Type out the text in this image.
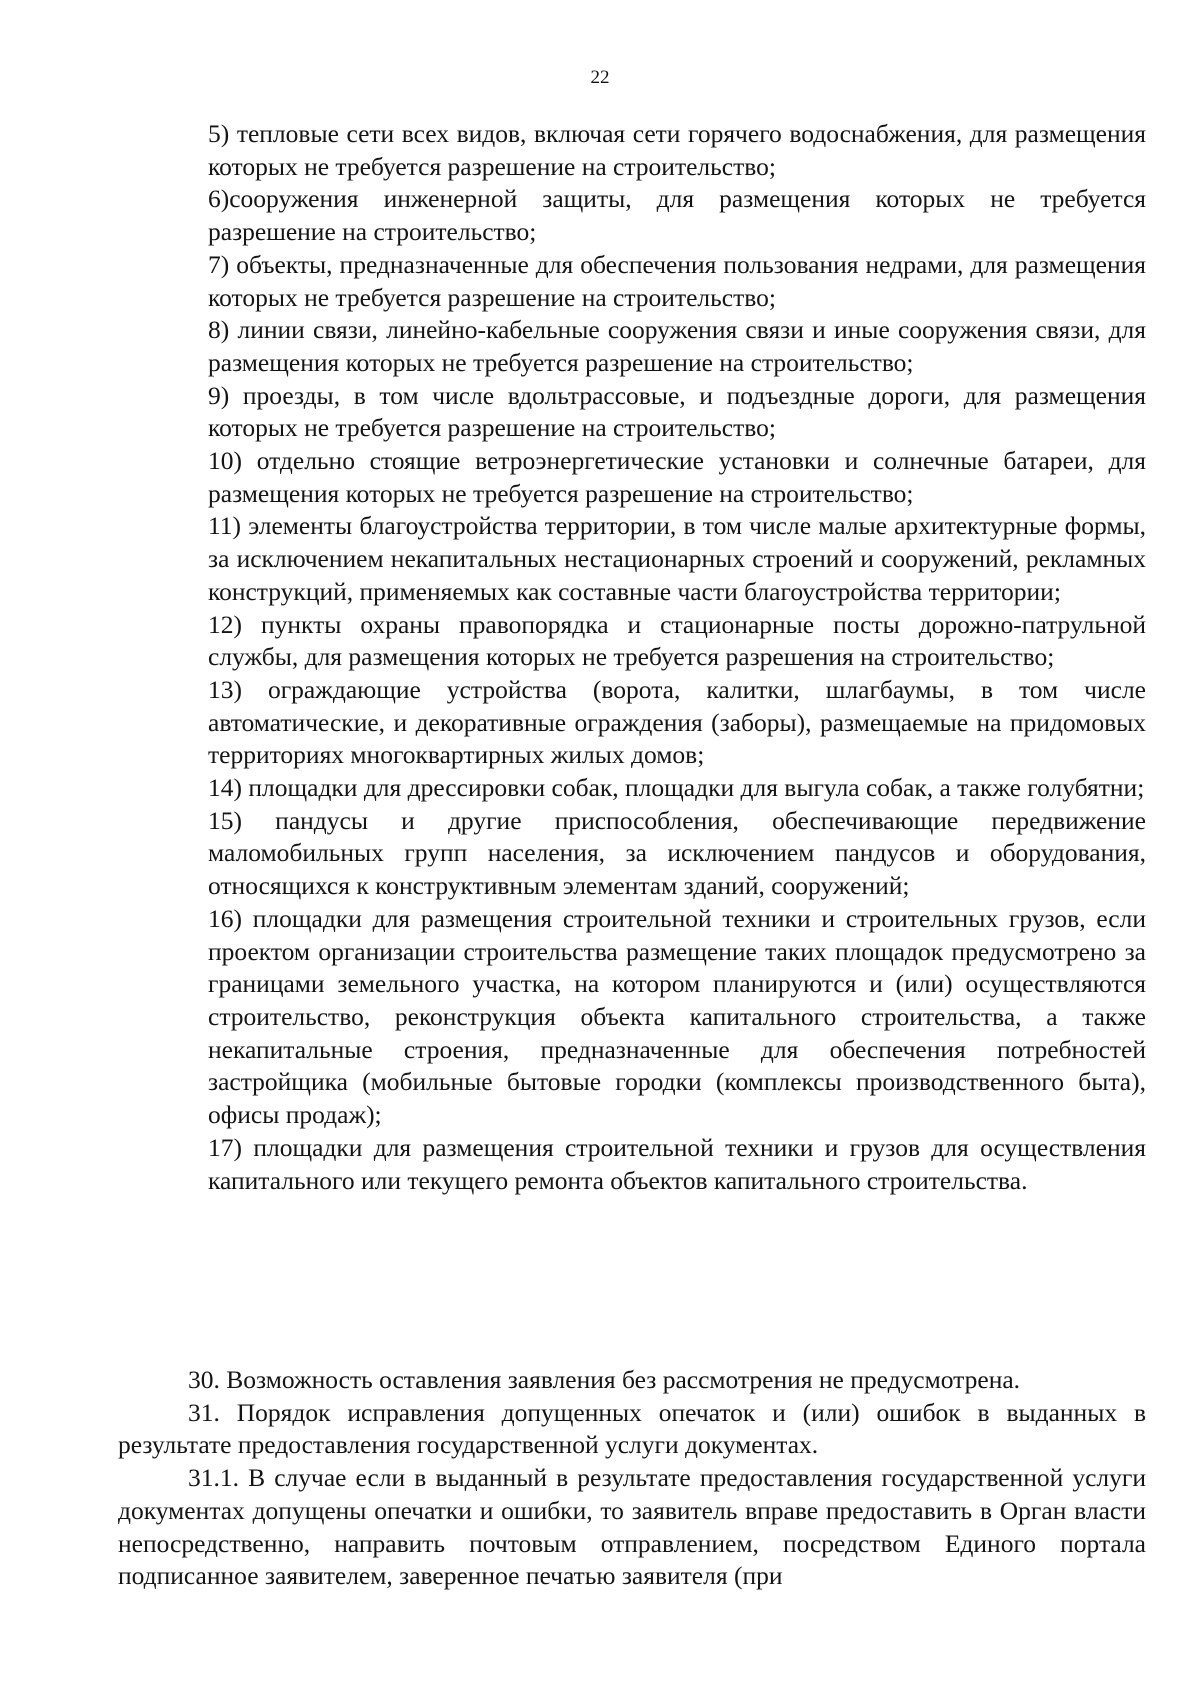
22

5) тепловые сети всех видов, включая сети горячего водоснабжения, для размещения которых не требуется разрешение на строительство;

6)сооружения инженерной защиты, для размещения которых не требуется разрешение на строительство;

7) объекты, предназначенные для обеспечения пользования недрами, для размещения которых не требуется разрешение на строительство;

8) линии связи, линейно-кабельные сооружения связи и иные сооружения связи, для размещения которых не требуется разрешение на строительство;

9) проезды, в том числе вдольтрассовые, и подъездные дороги, для размещения которых не требуется разрешение на строительство;

10) отдельно стоящие ветроэнергетические установки и солнечные батареи, для размещения которых не требуется разрешение на строительство;

11) элементы благоустройства территории, в том числе малые архитектурные формы, за исключением некапитальных нестационарных строений и сооружений, рекламных конструкций, применяемых как составные части благоустройства территории;

12) пункты охраны правопорядка и стационарные посты дорожно-патрульной службы, для размещения которых не требуется разрешения на строительство;

13) ограждающие устройства (ворота, калитки, шлагбаумы, в том числе автоматические, и декоративные ограждения (заборы), размещаемые на придомовых территориях многоквартирных жилых домов;

14) площадки для дрессировки собак, площадки для выгула собак, а также голубятни;

15) пандусы и другие приспособления, обеспечивающие передвижение маломобильных групп населения, за исключением пандусов и оборудования, относящихся к конструктивным элементам зданий, сооружений;

16) площадки для размещения строительной техники и строительных грузов, если проектом организации строительства размещение таких площадок предусмотрено за границами земельного участка, на котором планируются и (или) осуществляются строительство, реконструкция объекта капитального строительства, а также некапитальные строения, предназначенные для обеспечения потребностей застройщика (мобильные бытовые городки (комплексы производственного быта), офисы продаж);

17) площадки для размещения строительной техники и грузов для осуществления капитального или текущего ремонта объектов капитального строительства.

30. Возможность оставления заявления без рассмотрения не предусмотрена.

31. Порядок исправления допущенных опечаток и (или) ошибок в выданных в результате предоставления государственной услуги документах.

31.1. В случае если в выданный в результате предоставления государственной услуги документах допущены опечатки и ошибки, то заявитель вправе предоставить в Орган власти непосредственно, направить почтовым отправлением, посредством Единого портала подписанное заявителем, заверенное печатью заявителя (при
